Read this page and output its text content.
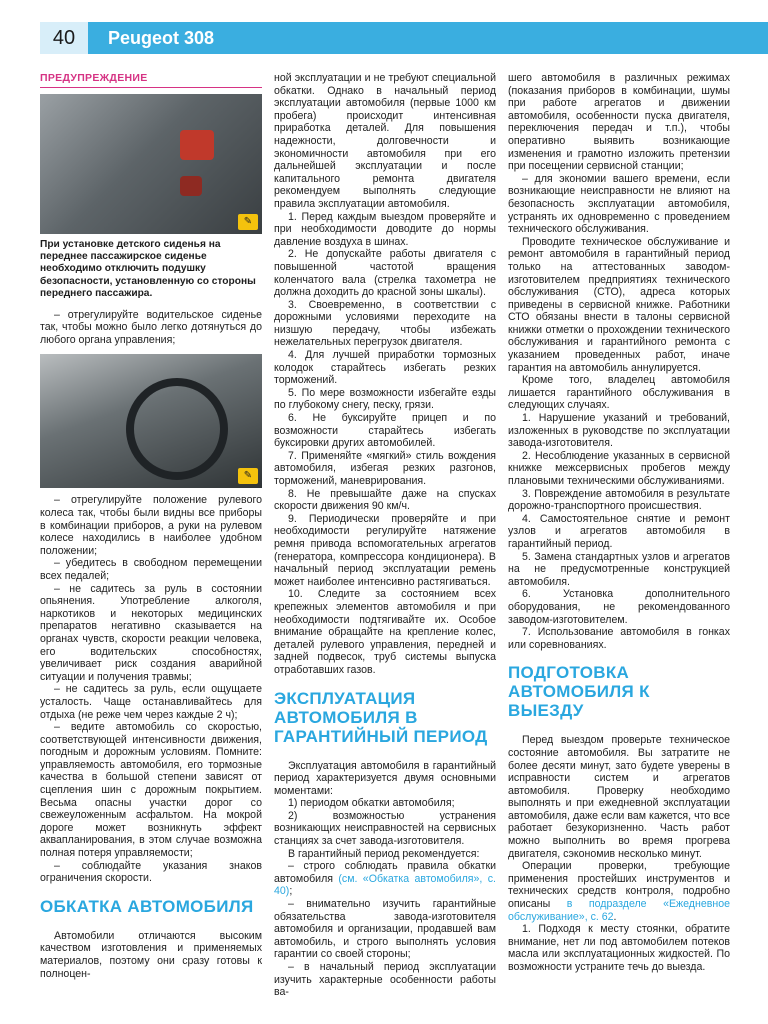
40	Peugeot 308
ПРЕДУПРЕЖДЕНИЕ
✎
При установке детского сиденья на переднее пассажирское сиденье необходимо отключить подушку безопасности, установленную со стороны переднего пассажира.

– отрегулируйте водительское сиденье так, чтобы можно было легко дотянуться до любого органа управления;

✎

– отрегулируйте положение рулевого колеса так, чтобы были видны все приборы в комбинации приборов, а руки на рулевом колесе находились в наиболее удобном положении;

– убедитесь в свободном перемещении всех педалей;

– не садитесь за руль в состоянии опьянения. Употребление алкоголя, наркотиков и некоторых медицинских препаратов негативно сказывается на органах чувств, скорости реакции человека, его водительских способностях, увеличивает риск создания аварийной ситуации и получения травмы;

– не садитесь за руль, если ощущаете усталость. Чаще останавливайтесь для отдыха (не реже чем через каждые 2 ч);

– ведите автомобиль со скоростью, соответствующей интенсивности движения, погодным и дорожным условиям. Помните: управляемость автомобиля, его тормозные качества в большой степени зависят от сцепления шин с дорожным покрытием. Весьма опасны участки дорог со свежеуложенным асфальтом. На мокрой дороге может возникнуть эффект аквапланирования, в этом случае возможна полная потеря управляемости;

– соблюдайте указания знаков ограничения скорости.

ОБКАТКА АВТОМОБИЛЯ

Автомобили отличаются высоким качеством изготовления и применяемых материалов, поэтому они сразу готовы к полноцен-

ной эксплуатации и не требуют специальной обкатки. Однако в начальный период эксплуатации автомобиля (первые 1000 км пробега) происходит интенсивная приработка деталей. Для повышения надежности, долговечности и экономичности автомобиля при его дальнейшей эксплуатации и после капитального ремонта двигателя рекомендуем выполнять следующие правила эксплуатации автомобиля.

1. Перед каждым выездом проверяйте и при необходимости доводите до нормы давление воздуха в шинах.

2. Не допускайте работы двигателя с повышенной частотой вращения коленчатого вала (стрелка тахометра не должна доходить до красной зоны шкалы).

3. Своевременно, в соответствии с дорожными условиями переходите на низшую передачу, чтобы избежать нежелательных перегрузок двигателя.

4. Для лучшей приработки тормозных колодок старайтесь избегать резких торможений.

5. По мере возможности избегайте езды по глубокому снегу, песку, грязи.

6. Не буксируйте прицеп и по возможности старайтесь избегать буксировки других автомобилей.

7. Применяйте «мягкий» стиль вождения автомобиля, избегая резких разгонов, торможений, маневрирования.

8. Не превышайте даже на спусках скорости движения 90 км/ч.

9. Периодически проверяйте и при необходимости регулируйте натяжение ремня привода вспомогательных агрегатов (генератора, компрессора кондиционера). В начальный период эксплуатации ремень может наиболее интенсивно растягиваться.

10. Следите за состоянием всех крепежных элементов автомобиля и при необходимости подтягивайте их. Особое внимание обращайте на крепление колес, деталей рулевого управления, передней и задней подвесок, труб системы выпуска отработавших газов.

ЭКСПЛУАТАЦИЯ АВТОМОБИЛЯ В ГАРАНТИЙНЫЙ ПЕРИОД

Эксплуатация автомобиля в гарантийный период характеризуется двумя основными моментами:

1) периодом обкатки автомобиля;

2) возможностью устранения возникающих неисправностей на сервисных станциях за счет завода-изготовителя.

В гарантийный период рекомендуется:

– строго соблюдать правила обкатки автомобиля (см. «Обкатка автомобиля», с. 40);

– внимательно изучить гарантийные обязательства завода-изготовителя автомобиля и организации, продавшей вам автомобиль, и строго выполнять условия гарантии со своей стороны;

– в начальный период эксплуатации изучить характерные особенности работы ва-

шего автомобиля в различных режимах (показания приборов в комбинации, шумы при работе агрегатов и движении автомобиля, особенности пуска двигателя, переключения передач и т.п.), чтобы оперативно выявить возникающие изменения и грамотно изложить претензии при посещении сервисной станции;

– для экономии вашего времени, если возникающие неисправности не влияют на безопасность эксплуатации автомобиля, устранять их одновременно с проведением технического обслуживания.

Проводите техническое обслуживание и ремонт автомобиля в гарантийный период только на аттестованных заводом-изготовителем предприятиях технического обслуживания (СТО), адреса которых приведены в сервисной книжке. Работники СТО обязаны внести в талоны сервисной книжки отметки о прохождении технического обслуживания и гарантийного ремонта с указанием проведенных работ, иначе гарантия на автомобиль аннулируется.

Кроме того, владелец автомобиля лишается гарантийного обслуживания в следующих случаях.

1. Нарушение указаний и требований, изложенных в руководстве по эксплуатации завода-изготовителя.

2. Несоблюдение указанных в сервисной книжке межсервисных пробегов между плановыми техническими обслуживаниями.

3. Повреждение автомобиля в результате дорожно-транспортного происшествия.

4. Самостоятельное снятие и ремонт узлов и агрегатов автомобиля в гарантийный период.

5. Замена стандартных узлов и агрегатов на не предусмотренные конструкцией автомобиля.

6. Установка дополнительного оборудования, не рекомендованного заводом-изготовителем.

7. Использование автомобиля в гонках или соревнованиях.

ПОДГОТОВКА АВТОМОБИЛЯ К ВЫЕЗДУ

Перед выездом проверьте техническое состояние автомобиля. Вы затратите не более десяти минут, зато будете уверены в исправности систем и агрегатов автомобиля. Проверку необходимо выполнять и при ежедневной эксплуатации автомобиля, даже если вам кажется, что все работает безукоризненно. Часть работ можно выполнить во время прогрева двигателя, сэкономив несколько минут.

Операции проверки, требующие применения простейших инструментов и технических средств контроля, подробно описаны в подразделе «Ежедневное обслуживание», с. 62.

1. Подходя к месту стоянки, обратите внимание, нет ли под автомобилем потеков масла или эксплуатационных жидкостей. По возможности устраните течь до выезда.
